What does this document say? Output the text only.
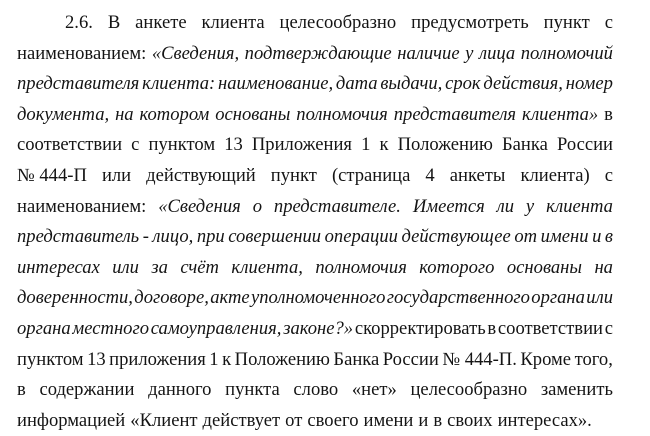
2.6. В анкете клиента целесообразно предусмотреть пункт с
наименованием: «Сведения, подтверждающие наличие у лица полномочий
представителя клиента: наименование, дата выдачи, срок действия, номер
документа, на котором основаны полномочия представителя клиента» в
соответствии с пунктом 13 Приложения 1 к Положению Банка России
№ 444-П или действующий пункт (страница 4 анкеты клиента) с
наименованием: «Сведения о представителе. Имеется ли у клиента
представитель - лицо, при совершении операции действующее от имени и в
интересах или за счёт клиента, полномочия которого основаны на
доверенности, договоре, акте уполномоченного государственного органа или
органа местного самоуправления, законе?» скорректировать в соответствии с
пунктом 13 приложения 1 к Положению Банка России № 444-П. Кроме того,
в содержании данного пункта слово «нет» целесообразно заменить
информацией «Клиент действует от своего имени и в своих интересах».
